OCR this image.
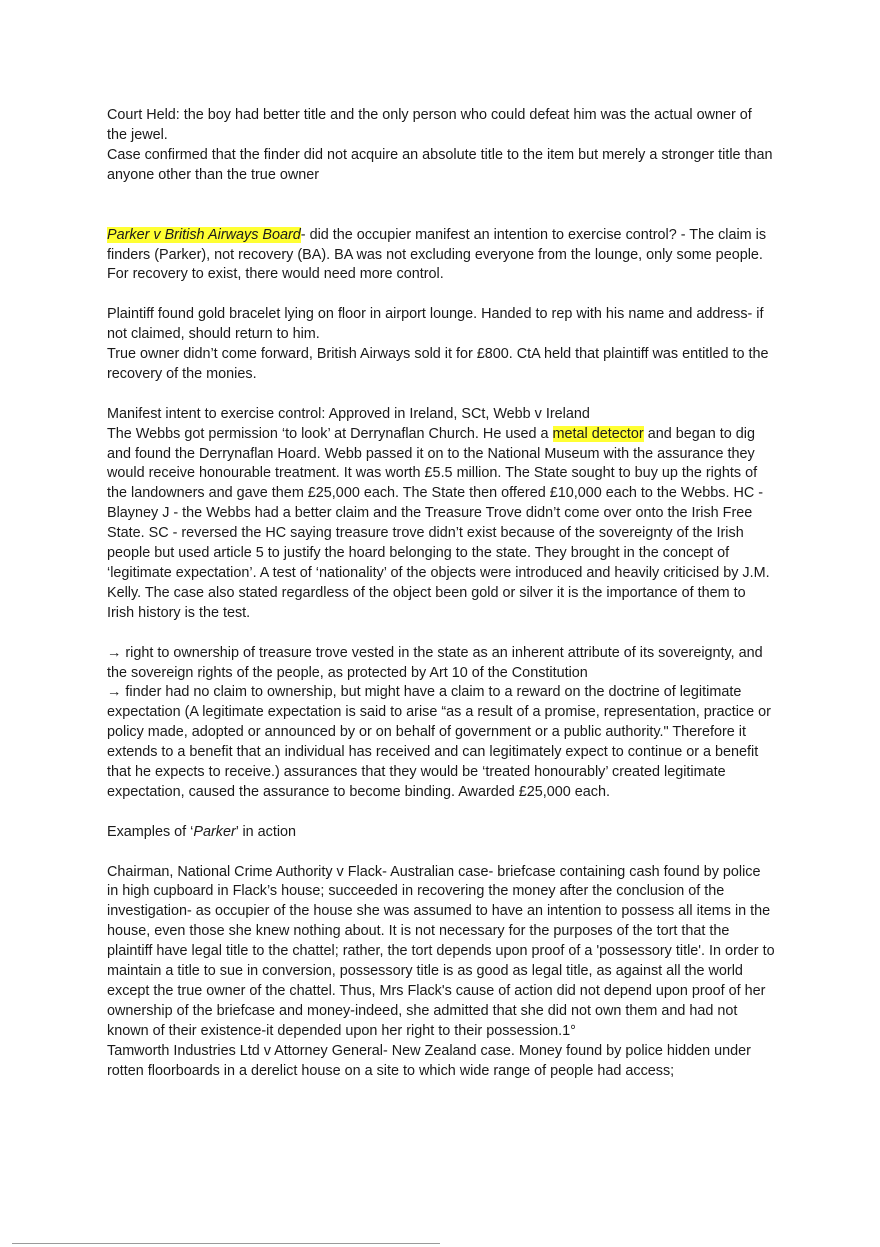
Court Held: the boy had better title and the only person who could defeat him was the actual owner of the jewel.

Case confirmed that the finder did not acquire an absolute title to the item but merely a stronger title than anyone other than the true owner

Parker v British Airways Board- did the occupier manifest an intention to exercise control? - The claim is finders (Parker), not recovery (BA). BA was not excluding everyone from the lounge, only some people. For recovery to exist, there would need more control.

Plaintiff found gold bracelet lying on floor in airport lounge. Handed to rep with his name and address- if not claimed, should return to him.

True owner didn’t come forward, British Airways sold it for £800. CtA held that plaintiff was entitled to the recovery of the monies.

Manifest intent to exercise control: Approved in Ireland, SCt, Webb v Ireland

The Webbs got permission ‘to look’ at Derrynaflan Church. He used a metal detector and began to dig and found the Derrynaflan Hoard. Webb passed it on to the National Museum with the assurance they would receive honourable treatment. It was worth £5.5 million. The State sought to buy up the rights of the landowners and gave them £25,000 each. The State then offered £10,000 each to the Webbs. HC - Blayney J - the Webbs had a better claim and the Treasure Trove didn’t come over onto the Irish Free State. SC - reversed the HC saying treasure trove didn’t exist because of the sovereignty of the Irish people but used article 5 to justify the hoard belonging to the state. They brought in the concept of ‘legitimate expectation’. A test of ‘nationality’ of the objects were introduced and heavily criticised by J.M. Kelly. The case also stated regardless of the object been gold or silver it is the importance of them to Irish history is the test.

→ right to ownership of treasure trove vested in the state as an inherent attribute of its sovereignty, and the sovereign rights of the people, as protected by Art 10 of the Constitution

→ finder had no claim to ownership, but might have a claim to a reward on the doctrine of legitimate expectation (A legitimate expectation is said to arise “as a result of a promise, representation, practice or policy made, adopted or announced by or on behalf of government or a public authority." Therefore it extends to a benefit that an individual has received and can legitimately expect to continue or a benefit that he expects to receive.) assurances that they would be ‘treated honourably’ created legitimate expectation, caused the assurance to become binding. Awarded £25,000 each.

Examples of ‘Parker’ in action

Chairman, National Crime Authority v Flack- Australian case- briefcase containing cash found by police in high cupboard in Flack’s house; succeeded in recovering the money after the conclusion of the investigation- as occupier of the house she was assumed to have an intention to possess all items in the house, even those she knew nothing about. It is not necessary for the purposes of the tort that the plaintiff have legal title to the chattel; rather, the tort depends upon proof of a 'possessory title'. In order to maintain a title to sue in conversion, possessory title is as good as legal title, as against all the world except the true owner of the chattel. Thus, Mrs Flack's cause of action did not depend upon proof of her ownership of the briefcase and money-indeed, she admitted that she did not own them and had not known of their existence-it depended upon her right to their possession.1°

Tamworth Industries Ltd v Attorney General- New Zealand case. Money found by police hidden under rotten floorboards in a derelict house on a site to which wide range of people had access;
